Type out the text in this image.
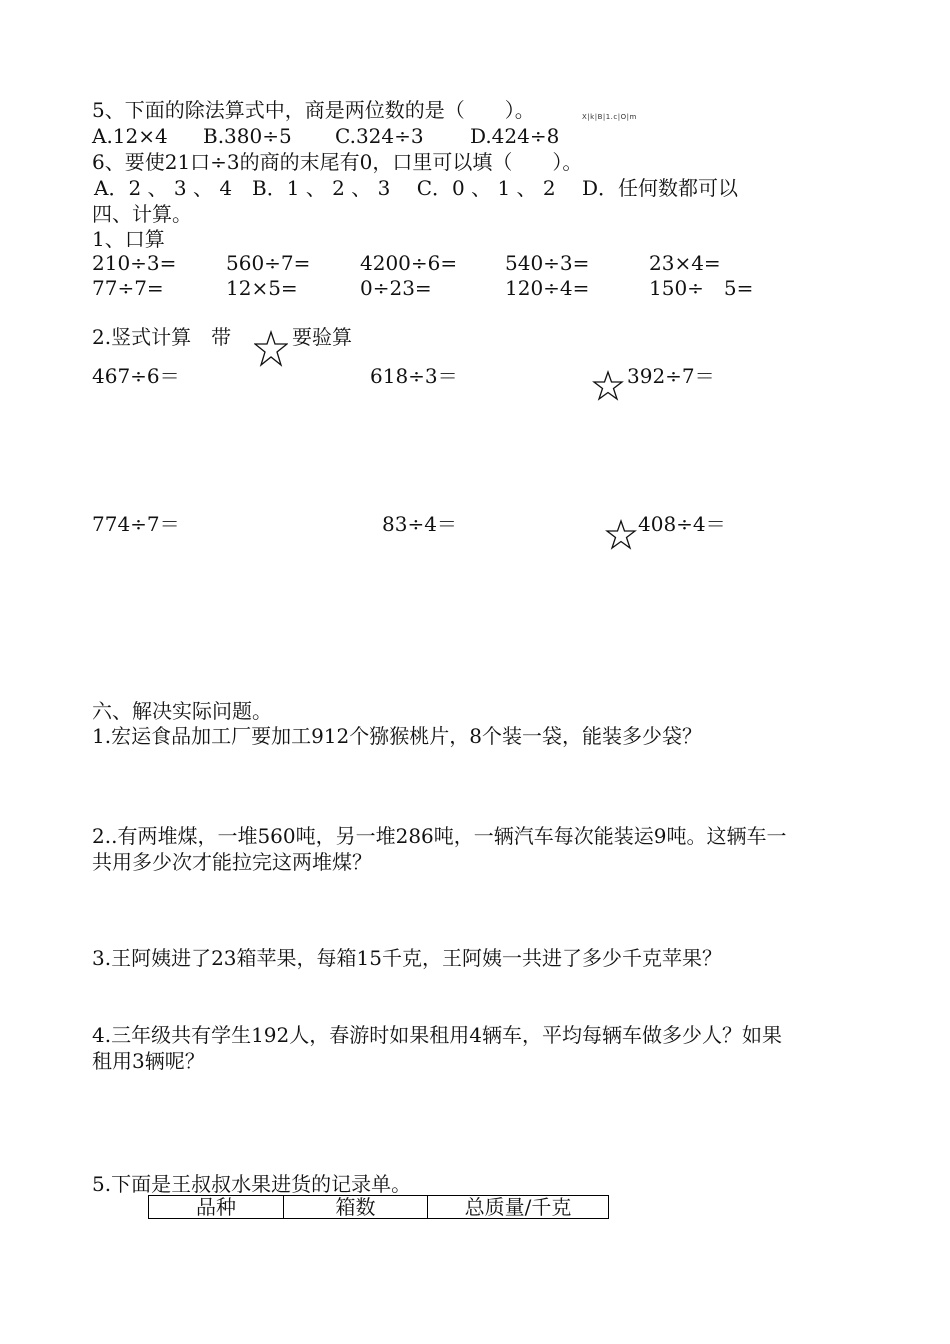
5、下面的除法算式中，商是两位数的是（　　）。	X|k|B|1.c|O|m
A.12×4 B.380÷5 C.324÷3 D.424÷8
6、要使21口÷3的商的末尾有0，口里可以填（　　）。
A．2 、 3 、 4　B．1 、 2 、 3　 C．0 、 1 、 2　 D．任何数都可以
四、计算。
1、口算
210÷3= 560÷7= 4200÷6= 540÷3=	23×4=
77÷7=	12×5=	0÷23=	120÷4=	150÷　5=
2.竖式计算　带	要验算
467÷6＝	618÷3＝	392÷7＝
774÷7＝	83÷4＝	408÷4＝
六、解决实际问题。
1.宏运食品加工厂要加工912个猕猴桃片，8个装一袋，能装多少袋？
2..有两堆煤，一堆560吨，另一堆286吨，一辆汽车每次能装运9吨。这辆车一
共用多少次才能拉完这两堆煤？
3.王阿姨进了23箱苹果，每箱15千克，王阿姨一共进了多少千克苹果？
4.三年级共有学生192人，春游时如果租用4辆车，平均每辆车做多少人？如果
租用3辆呢？
5.下面是王叔叔水果进货的记录单。
品种	箱数	总质量/千克
